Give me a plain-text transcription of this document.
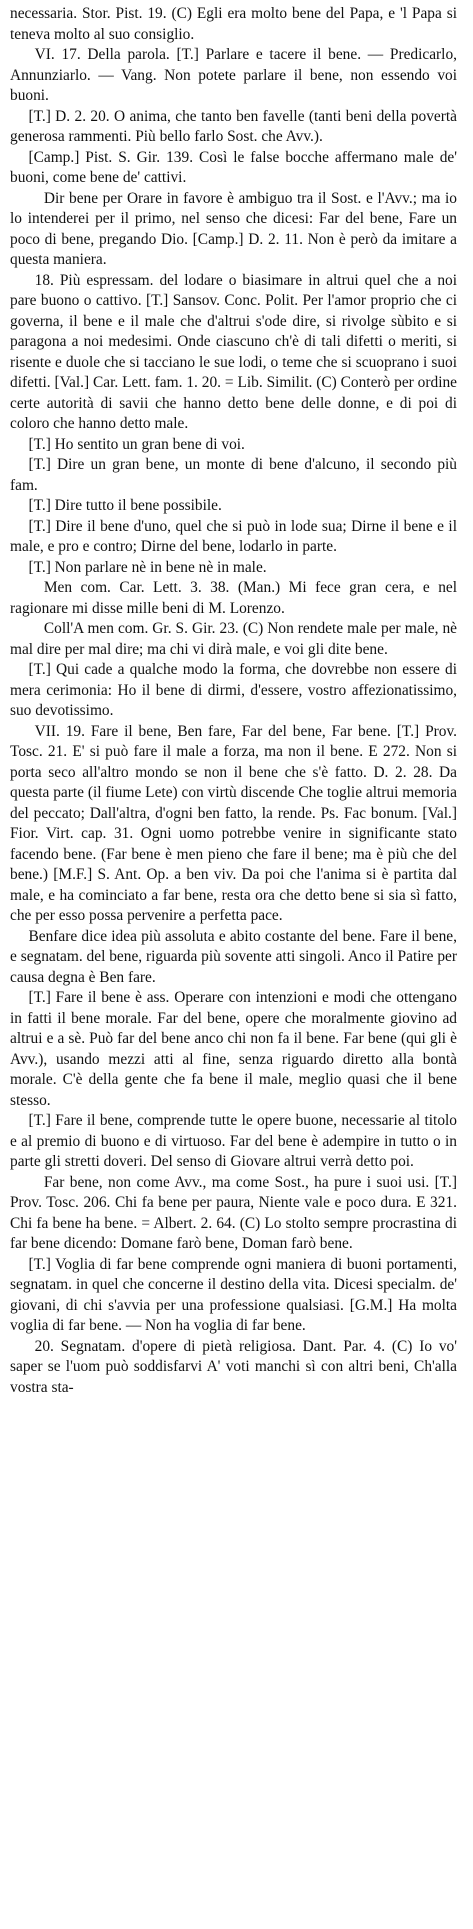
necessaria. Stor. Pist. 19. (C) Egli era molto bene del Papa, e 'l Papa si teneva molto al suo consiglio.

VI. 17. Della parola. [T.] Parlare e tacere il bene. — Predicarlo, Annunziarlo. — Vang. Non potete parlare il bene, non essendo voi buoni.

[T.] D. 2. 20. O anima, che tanto ben favelle (tanti beni della povertà generosa rammenti. Più bello farlo Sost. che Avv.).

[Camp.] Pist. S. Gir. 139. Così le false bocche affermano male de' buoni, come bene de' cattivi.

Dir bene per Orare in favore è ambiguo tra il Sost. e l'Avv.; ma io lo intenderei per il primo, nel senso che dicesi: Far del bene, Fare un poco di bene, pregando Dio. [Camp.] D. 2. 11. Non è però da imitare a questa maniera.

18. Più espressam. del lodare o biasimare in altrui quel che a noi pare buono o cattivo. [T.] Sansov. Conc. Polit. Per l'amor proprio che ci governa, il bene e il male che d'altrui s'ode dire, si rivolge sùbito e si paragona a noi medesimi. Onde ciascuno ch'è di tali difetti o meriti, si risente e duole che si tacciano le sue lodi, o teme che si scuoprano i suoi difetti. [Val.] Car. Lett. fam. 1. 20. = Lib. Similit. (C) Conterò per ordine certe autorità di savii che hanno detto bene delle donne, e di poi di coloro che hanno detto male.

[T.] Ho sentito un gran bene di voi.

[T.] Dire un gran bene, un monte di bene d'alcuno, il secondo più fam.

[T.] Dire tutto il bene possibile.

[T.] Dire il bene d'uno, quel che si può in lode sua; Dirne il bene e il male, e pro e contro; Dirne del bene, lodarlo in parte.

[T.] Non parlare nè in bene nè in male.

Men com. Car. Lett. 3. 38. (Man.) Mi fece gran cera, e nel ragionare mi disse mille beni di M. Lorenzo.

Coll'A men com. Gr. S. Gir. 23. (C) Non rendete male per male, nè mal dire per mal dire; ma chi vi dirà male, e voi gli dite bene.

[T.] Qui cade a qualche modo la forma, che dovrebbe non essere di mera cerimonia: Ho il bene di dirmi, d'essere, vostro affezionatissimo, suo devotissimo.

VII. 19. Fare il bene, Ben fare, Far del bene, Far bene. [T.] Prov. Tosc. 21. E' si può fare il male a forza, ma non il bene. E 272. Non si porta seco all'altro mondo se non il bene che s'è fatto. D. 2. 28. Da questa parte (il fiume Lete) con virtù discende Che toglie altrui memoria del peccato; Dall'altra, d'ogni ben fatto, la rende. Ps. Fac bonum. [Val.] Fior. Virt. cap. 31. Ogni uomo potrebbe venire in significante stato facendo bene. (Far bene è men pieno che fare il bene; ma è più che del bene.) [M.F.] S. Ant. Op. a ben viv. Da poi che l'anima si è partita dal male, e ha cominciato a far bene, resta ora che detto bene si sia sì fatto, che per esso possa pervenire a perfetta pace.

Benfare dice idea più assoluta e abito costante del bene. Fare il bene, e segnatam. del bene, riguarda più sovente atti singoli. Anco il Patire per causa degna è Ben fare.

[T.] Fare il bene è ass. Operare con intenzioni e modi che ottengano in fatti il bene morale. Far del bene, opere che moralmente giovino ad altrui e a sè. Può far del bene anco chi non fa il bene. Far bene (qui gli è Avv.), usando mezzi atti al fine, senza riguardo diretto alla bontà morale. C'è della gente che fa bene il male, meglio quasi che il bene stesso.

[T.] Fare il bene, comprende tutte le opere buone, necessarie al titolo e al premio di buono e di virtuoso. Far del bene è adempire in tutto o in parte gli stretti doveri. Del senso di Giovare altrui verrà detto poi.

Far bene, non come Avv., ma come Sost., ha pure i suoi usi. [T.] Prov. Tosc. 206. Chi fa bene per paura, Niente vale e poco dura. E 321. Chi fa bene ha bene. = Albert. 2. 64. (C) Lo stolto sempre procrastina di far bene dicendo: Domane farò bene, Doman farò bene.

[T.] Voglia di far bene comprende ogni maniera di buoni portamenti, segnatam. in quel che concerne il destino della vita. Dicesi specialm. de' giovani, di chi s'avvia per una professione qualsiasi. [G.M.] Ha molta voglia di far bene. — Non ha voglia di far bene.

20. Segnatam. d'opere di pietà religiosa. Dant. Par. 4. (C) Io vo' saper se l'uom può soddisfarvi A' voti manchi sì con altri beni, Ch'alla vostra sta-
